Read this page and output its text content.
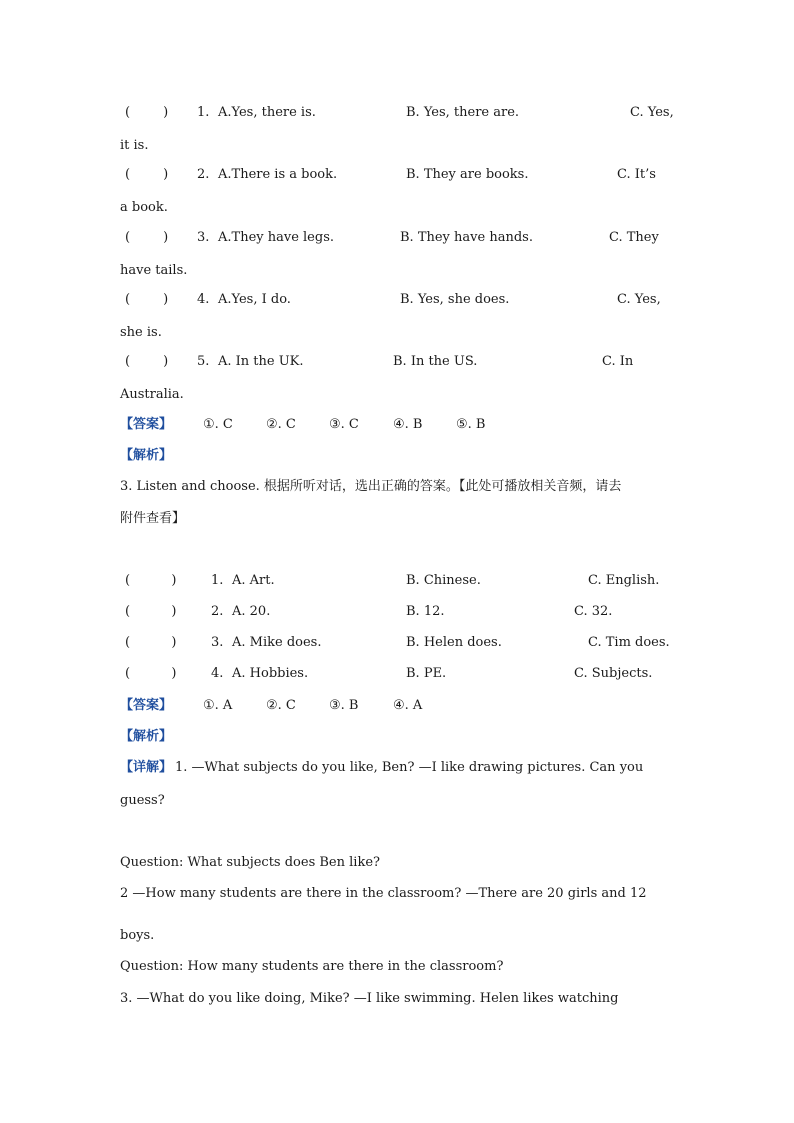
(        ) 1. A.Yes, there is.	B. Yes, there are.	C. Yes,
it is.
(        ) 2. A.There is a book.	B. They are books.	C. It’s
a book.
(        ) 3. A.They have legs.	B. They have hands.	C. They
have tails.
(        ) 4. A.Yes, I do.	B. Yes, she does.	C. Yes,
she is.
(        ) 5. A. In the UK.	B. In the US.	C. In
Australia.
【答案】 ①. C	②. C	③. C	④. B	⑤. B
【解析】
3. Listen and choose. 根据所听对话，选出正确的答案。【此处可播放相关音频，请去
附件查看】
(          )	1. A. Art.	B. Chinese.	C. English.
(          )	2. A. 20.	B. 12.	C. 32.
(          )	3. A. Mike does.	B. Helen does.	C. Tim does.
(          )	4. A. Hobbies.	B. PE.	C. Subjects.
【答案】 ①. A	②. C	③. B	④. A
【解析】
【详解】 1. —What subjects do you like, Ben? —I like drawing pictures. Can you
guess?
Question: What subjects does Ben like?
2 —How many students are there in the classroom? —There are 20 girls and 12
boys.
Question: How many students are there in the classroom?
3. —What do you like doing, Mike? —I like swimming. Helen likes watching
